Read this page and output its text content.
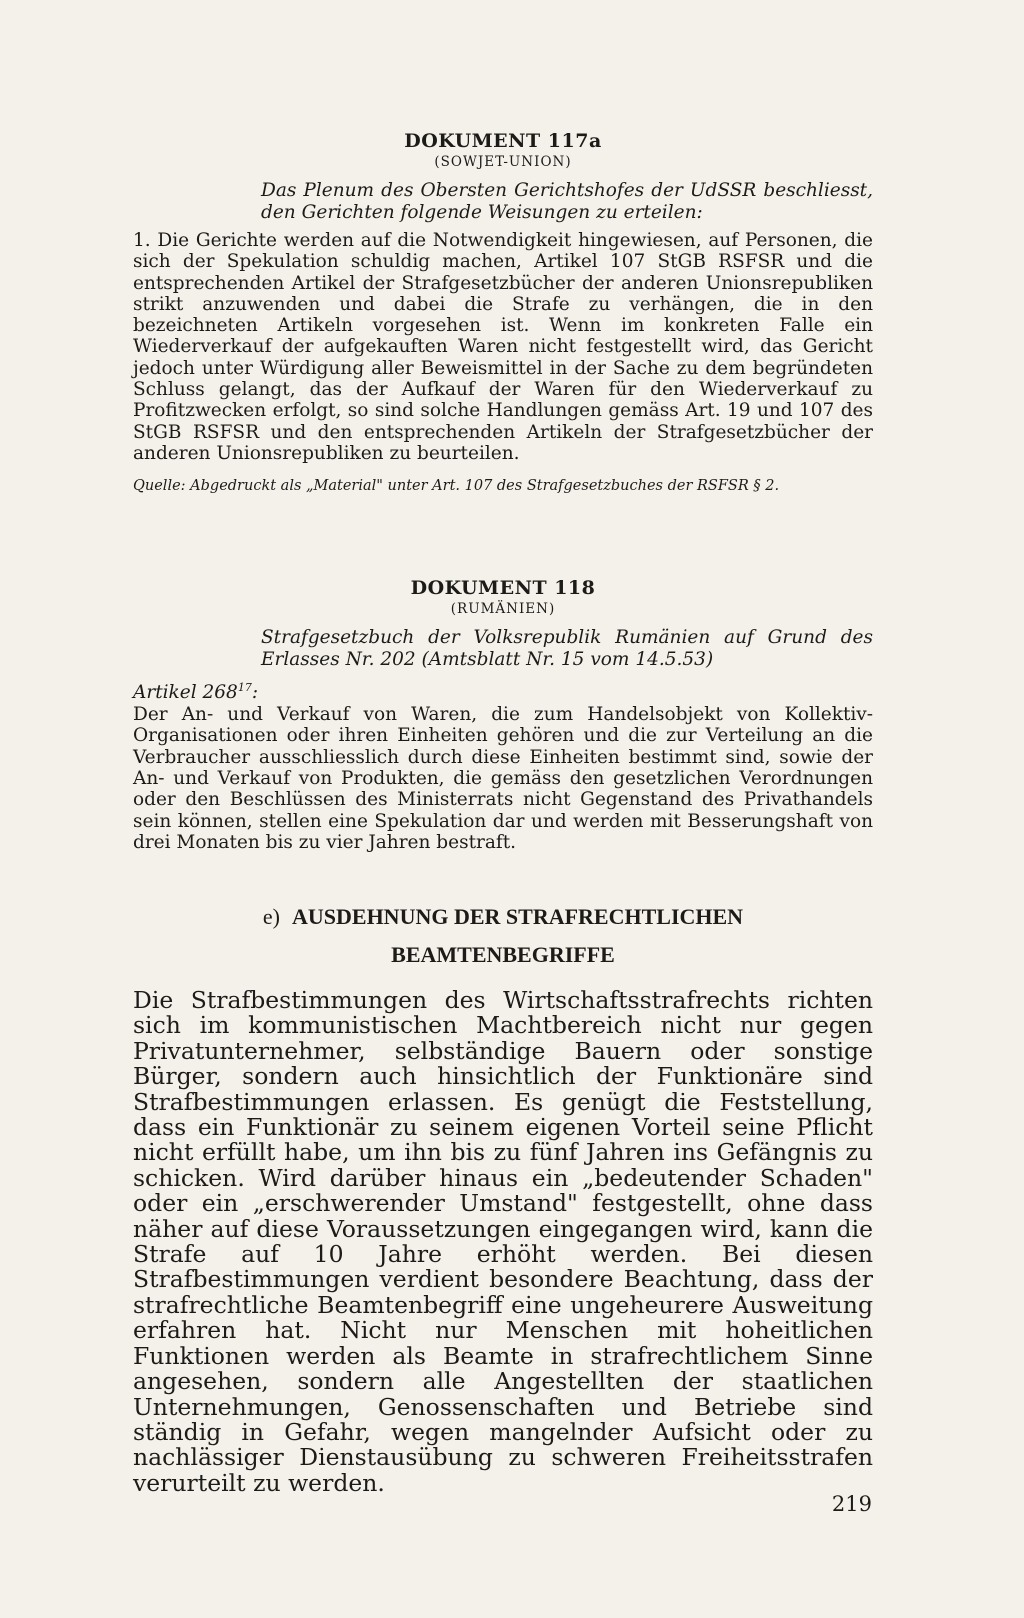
DOKUMENT 117a
(SOWJET-UNION)

Das Plenum des Obersten Gerichtshofes der UdSSR beschliesst, den Gerichten folgende Weisungen zu erteilen:

1. Die Gerichte werden auf die Notwendigkeit hingewiesen, auf Personen, die sich der Spekulation schuldig machen, Artikel 107 StGB RSFSR und die entsprechenden Artikel der Strafgesetzbücher der anderen Unionsrepubliken strikt anzuwenden und dabei die Strafe zu verhängen, die in den bezeichneten Artikeln vorgesehen ist. Wenn im konkreten Falle ein Wiederverkauf der aufgekauften Waren nicht festgestellt wird, das Gericht jedoch unter Würdigung aller Beweismittel in der Sache zu dem begründeten Schluss gelangt, das der Aufkauf der Waren für den Wiederverkauf zu Profitzwecken erfolgt, so sind solche Handlungen gemäss Art. 19 und 107 des StGB RSFSR und den entsprechenden Artikeln der Strafgesetzbücher der anderen Unionsrepubliken zu beurteilen.

Quelle: Abgedruckt als „Material" unter Art. 107 des Strafgesetzbuches der RSFSR § 2.

DOKUMENT 118
(RUMÄNIEN)

Strafgesetzbuch der Volksrepublik Rumänien auf Grund des Erlasses Nr. 202 (Amtsblatt Nr. 15 vom 14.5.53)

Artikel $268^{17}$:

Der An- und Verkauf von Waren, die zum Handelsobjekt von Kollektiv-Organisationen oder ihren Einheiten gehören und die zur Verteilung an die Verbraucher ausschliesslich durch diese Einheiten bestimmt sind, sowie der An- und Verkauf von Produkten, die gemäss den gesetzlichen Verordnungen oder den Beschlüssen des Ministerrats nicht Gegenstand des Privathandels sein können, stellen eine Spekulation dar und werden mit Besserungshaft von drei Monaten bis zu vier Jahren bestraft.

e) AUSDEHNUNG DER STRAFRECHTLICHEN
BEAMTENBEGRIFFE

Die Strafbestimmungen des Wirtschaftsstrafrechts richten sich im kommunistischen Machtbereich nicht nur gegen Privatunternehmer, selbständige Bauern oder sonstige Bürger, sondern auch hinsichtlich der Funktionäre sind Strafbestimmungen erlassen. Es genügt die Feststellung, dass ein Funktionär zu seinem eigenen Vorteil seine Pflicht nicht erfüllt habe, um ihn bis zu fünf Jahren ins Gefängnis zu schicken. Wird darüber hinaus ein „bedeutender Schaden" oder ein „erschwerender Umstand" festgestellt, ohne dass näher auf diese Voraussetzungen eingegangen wird, kann die Strafe auf 10 Jahre erhöht werden. Bei diesen Strafbestimmungen verdient besondere Beachtung, dass der strafrechtliche Beamtenbegriff eine ungeheurere Ausweitung erfahren hat. Nicht nur Menschen mit hoheitlichen Funktionen werden als Beamte in strafrechtlichem Sinne angesehen, sondern alle Angestellten der staatlichen Unternehmungen, Genossenschaften und Betriebe sind ständig in Gefahr, wegen mangelnder Aufsicht oder zu nachlässiger Dienstausübung zu schweren Freiheitsstrafen verurteilt zu werden.

219
